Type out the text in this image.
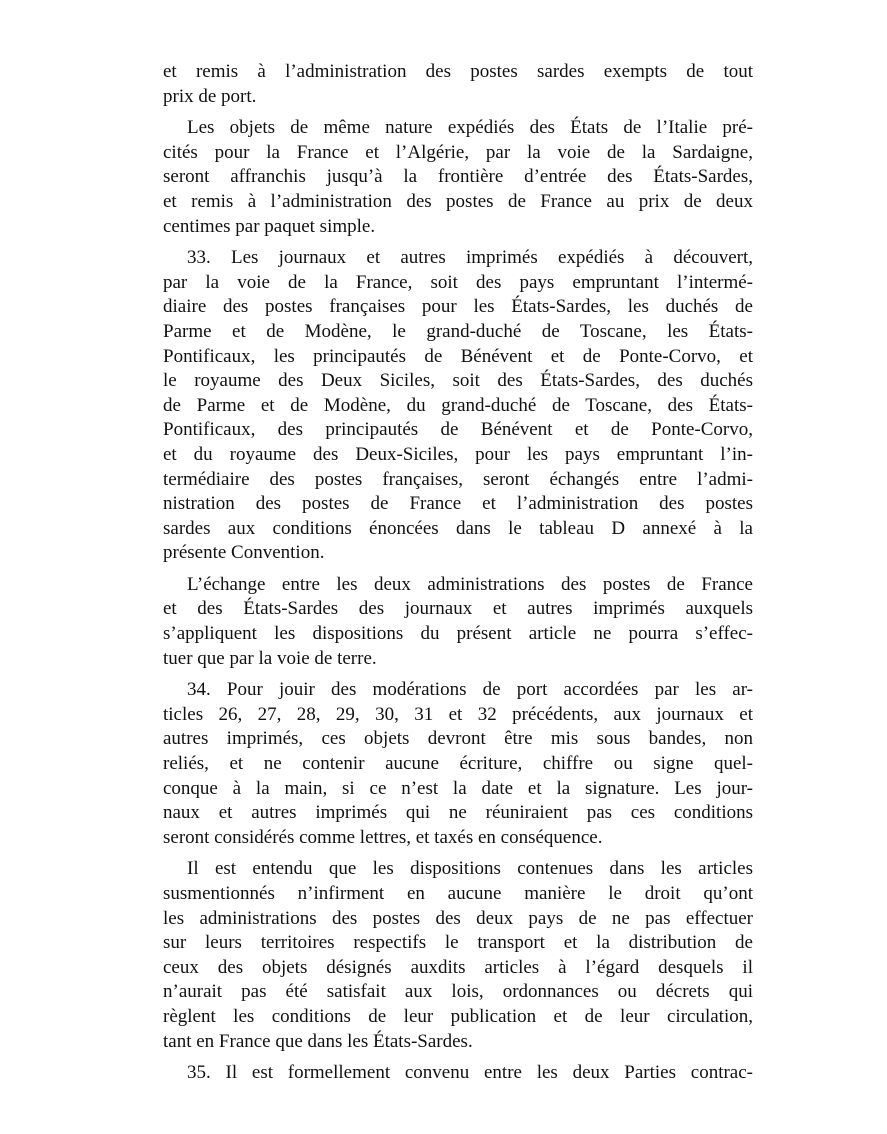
et remis à l’administration des postes sardes exempts de tout
prix de port.
Les objets de même nature expédiés des États de l’Italie pré-
cités pour la France et l’Algérie, par la voie de la Sardaigne,
seront affranchis jusqu’à la frontière d’entrée des États-Sardes,
et remis à l’administration des postes de France au prix de deux
centimes par paquet simple.
33. Les journaux et autres imprimés expédiés à découvert,
par la voie de la France, soit des pays empruntant l’intermé-
diaire des postes françaises pour les États-Sardes, les duchés de
Parme et de Modène, le grand-duché de Toscane, les États-
Pontificaux, les principautés de Bénévent et de Ponte-Corvo, et
le royaume des Deux Siciles, soit des États-Sardes, des duchés
de Parme et de Modène, du grand-duché de Toscane, des États-
Pontificaux, des principautés de Bénévent et de Ponte-Corvo,
et du royaume des Deux-Siciles, pour les pays empruntant l’in-
termédiaire des postes françaises, seront échangés entre l’admi-
nistration des postes de France et l’administration des postes
sardes aux conditions énoncées dans le tableau D annexé à la
présente Convention.
L’échange entre les deux administrations des postes de France
et des États-Sardes des journaux et autres imprimés auxquels
s’appliquent les dispositions du présent article ne pourra s’effec-
tuer que par la voie de terre.
34. Pour jouir des modérations de port accordées par les ar-
ticles 26, 27, 28, 29, 30, 31 et 32 précédents, aux journaux et
autres imprimés, ces objets devront être mis sous bandes, non
reliés, et ne contenir aucune écriture, chiffre ou signe quel-
conque à la main, si ce n’est la date et la signature. Les jour-
naux et autres imprimés qui ne réuniraient pas ces conditions
seront considérés comme lettres, et taxés en conséquence.
Il est entendu que les dispositions contenues dans les articles
susmentionnés n’infirment en aucune manière le droit qu’ont
les administrations des postes des deux pays de ne pas effectuer
sur leurs territoires respectifs le transport et la distribution de
ceux des objets désignés auxdits articles à l’égard desquels il
n’aurait pas été satisfait aux lois, ordonnances ou décrets qui
règlent les conditions de leur publication et de leur circulation,
tant en France que dans les États-Sardes.
35. Il est formellement convenu entre les deux Parties contrac-
